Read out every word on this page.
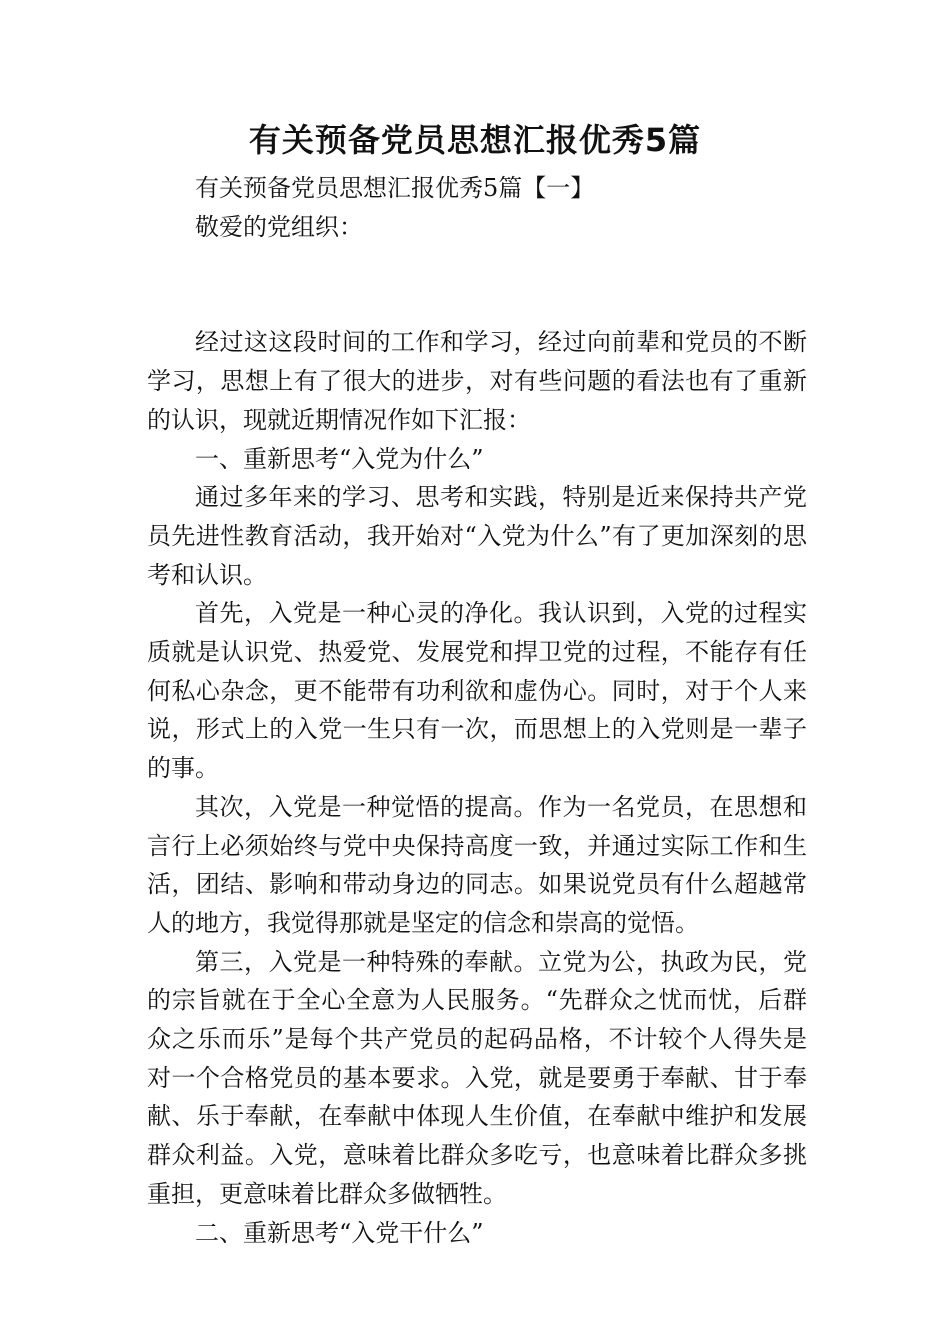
有关预备党员思想汇报优秀5篇

有关预备党员思想汇报优秀5篇【一】

敬爱的党组织：

经过这这段时间的工作和学习，经过向前辈和党员的不断学习，思想上有了很大的进步，对有些问题的看法也有了重新的认识，现就近期情况作如下汇报：

一、重新思考“入党为什么”

通过多年来的学习、思考和实践，特别是近来保持共产党员先进性教育活动，我开始对“入党为什么”有了更加深刻的思考和认识。

首先，入党是一种心灵的净化。我认识到，入党的过程实质就是认识党、热爱党、发展党和捍卫党的过程，不能存有任何私心杂念，更不能带有功利欲和虚伪心。同时，对于个人来说，形式上的入党一生只有一次，而思想上的入党则是一辈子的事。

其次，入党是一种觉悟的提高。作为一名党员，在思想和言行上必须始终与党中央保持高度一致，并通过实际工作和生活，团结、影响和带动身边的同志。如果说党员有什么超越常人的地方，我觉得那就是坚定的信念和崇高的觉悟。

第三，入党是一种特殊的奉献。立党为公，执政为民，党的宗旨就在于全心全意为人民服务。“先群众之忧而忧，后群众之乐而乐”是每个共产党员的起码品格，不计较个人得失是对一个合格党员的基本要求。入党，就是要勇于奉献、甘于奉献、乐于奉献，在奉献中体现人生价值，在奉献中维护和发展群众利益。入党，意味着比群众多吃亏，也意味着比群众多挑重担，更意味着比群众多做牺牲。

二、重新思考“入党干什么”
